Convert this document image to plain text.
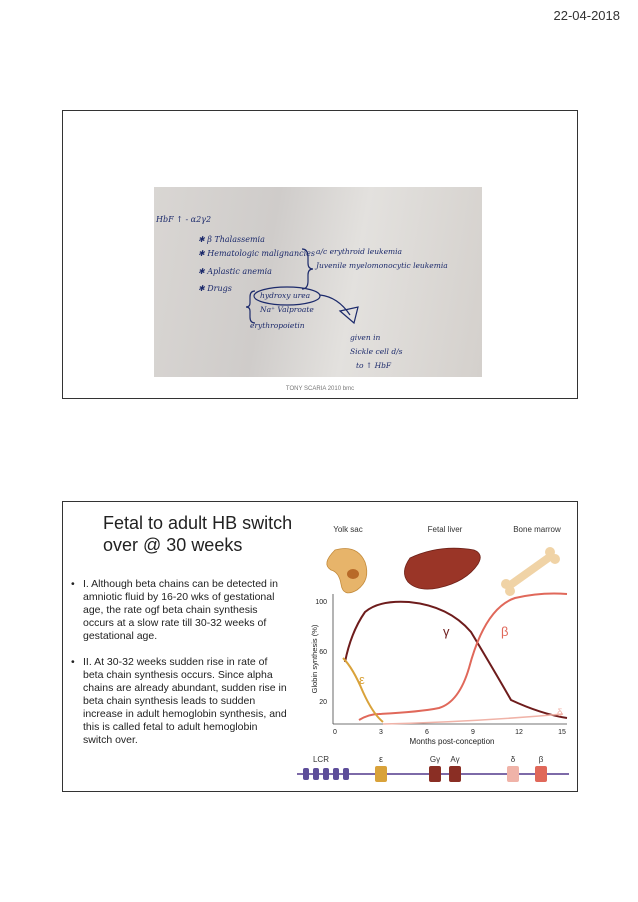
22-04-2018
HbF ↑ - α2γ2
✱ β Thalassemia
✱ Hematologic malignancies a/c erythroid leukemia
Juvenile myelomonocytic leukemia
✱ Aplastic anemia
✱ Drugs
hydroxy urea
Na⁺ Valproate
erythropoietin
given in
Sickle cell d/s
to ↑ HbF
TONY SCARIA 2010 bmc
Fetal to adult HB switch over @ 30 weeks
• I. Although beta chains can be detected in amniotic fluid by 16-20 wks of gestational age, the rate ogf beta chain synthesis occurs at a slow rate till 30-32 weeks of gestational age.
• II. At 30-32 weeks sudden rise in rate of beta chain synthesis occurs. Since alpha chains are already abundant, sudden rise in beta chain synthesis leads to sudden increase in adult hemoglobin synthesis, and this is called fetal to adult hemoglobin switch over.
Yolk sac	Fetal liver	Bone marrow
Globin synthesis (%)
100
60
20
0	3	6	9	12	15
Months post-conception
γ	β
ε
δ
LCR	ε	Gγ Aγ	δ	β
